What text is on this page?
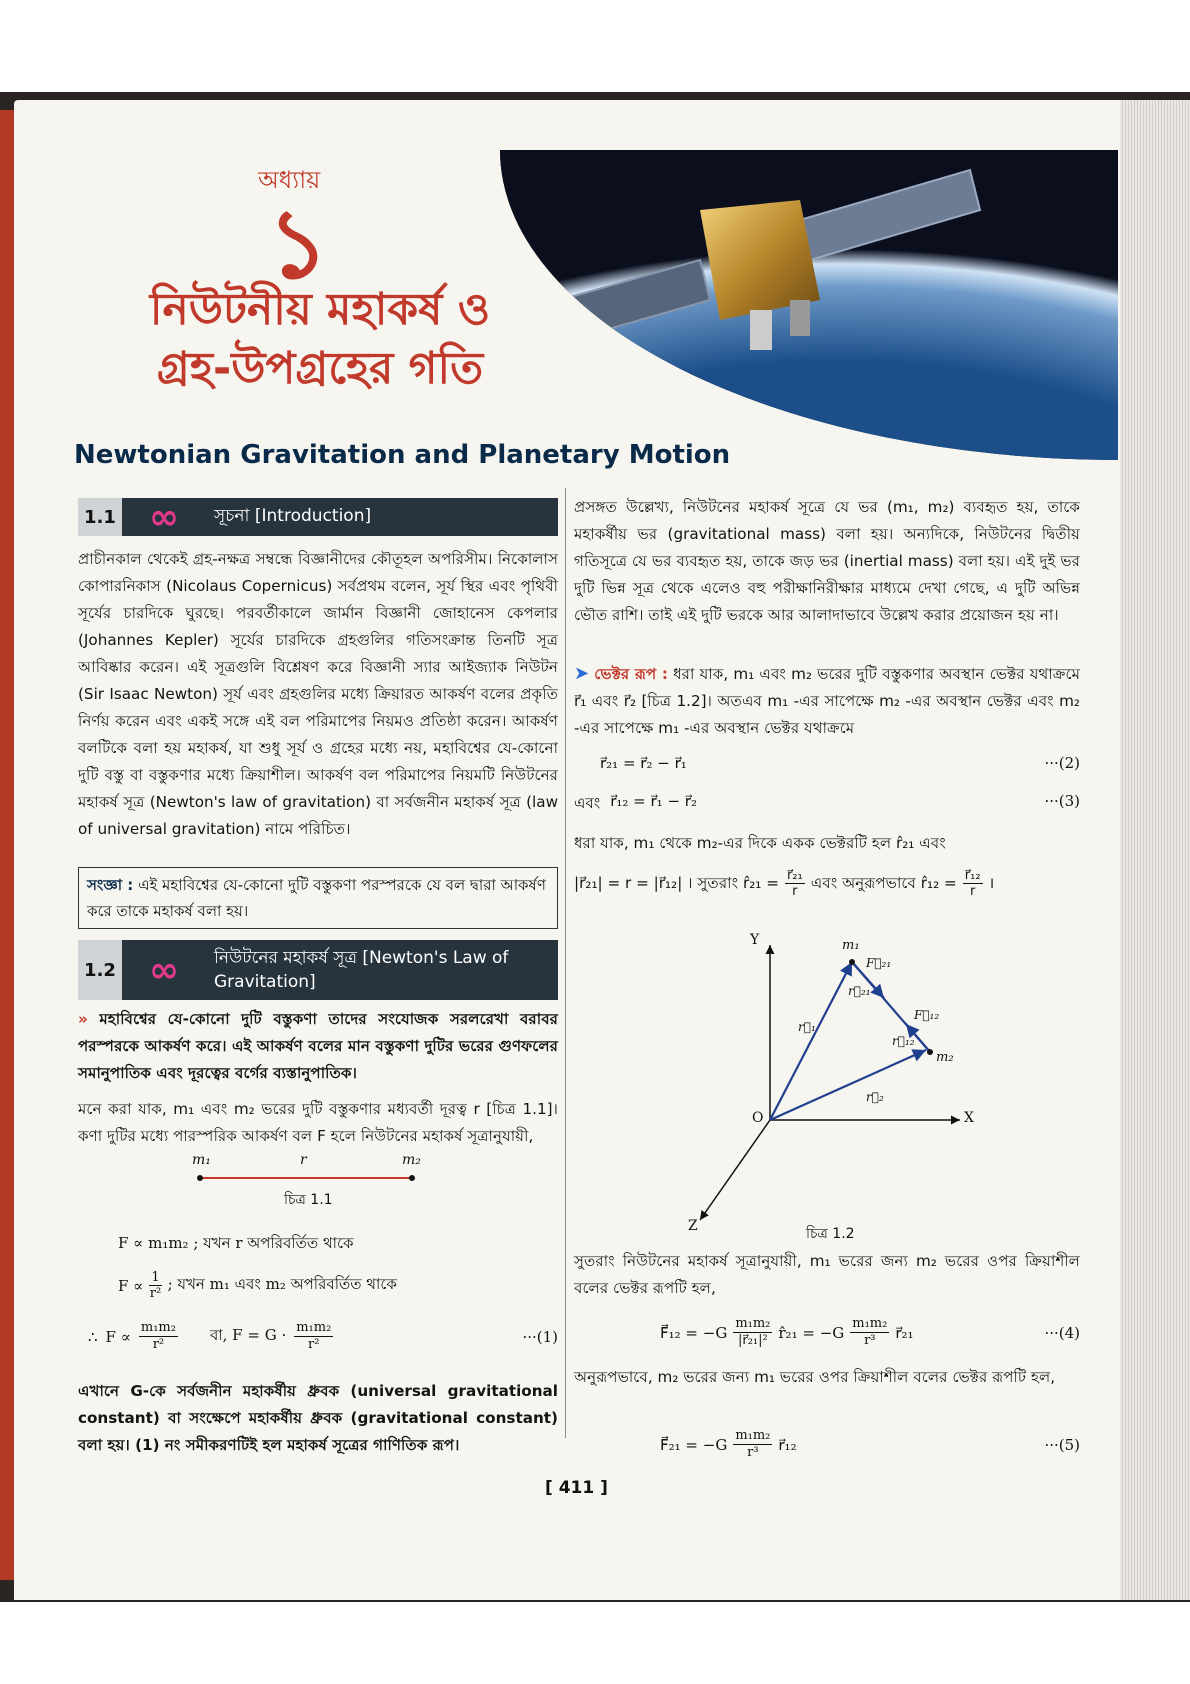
অধ্যায়
১
নিউটনীয় মহাকর্ষ ও
গ্রহ-উপগ্রহের গতি
Newtonian Gravitation and Planetary Motion
1.1 ∞	সূচনা [Introduction]
প্রাচীনকাল থেকেই গ্রহ-নক্ষত্র সম্বন্ধে বিজ্ঞানীদের কৌতূহল অপরিসীম। নিকোলাস কোপারনিকাস (Nicolaus Copernicus) সর্বপ্রথম বলেন, সূর্য স্থির এবং পৃথিবী সূর্যের চারদিকে ঘুরছে। পরবর্তীকালে জার্মান বিজ্ঞানী জোহানেস কেপলার (Johannes Kepler) সূর্যের চারদিকে গ্রহগুলির গতিসংক্রান্ত তিনটি সূত্র আবিষ্কার করেন। এই সূত্রগুলি বিশ্লেষণ করে বিজ্ঞানী স্যার আইজ্যাক নিউটন (Sir Isaac Newton) সূর্য এবং গ্রহগুলির মধ্যে ক্রিয়ারত আকর্ষণ বলের প্রকৃতি নির্ণয় করেন এবং একই সঙ্গে এই বল পরিমাপের নিয়মও প্রতিষ্ঠা করেন। আকর্ষণ বলটিকে বলা হয় মহাকর্ষ, যা শুধু সূর্য ও গ্রহের মধ্যে নয়, মহাবিশ্বের যে-কোনো দুটি বস্তু বা বস্তুকণার মধ্যে ক্রিয়াশীল। আকর্ষণ বল পরিমাপের নিয়মটি নিউটনের মহাকর্ষ সূত্র (Newton's law of gravitation) বা সর্বজনীন মহাকর্ষ সূত্র (law of universal gravitation) নামে পরিচিত।
সংজ্ঞা : এই মহাবিশ্বের যে-কোনো দুটি বস্তুকণা পরস্পরকে যে বল দ্বারা আকর্ষণ করে তাকে মহাকর্ষ বলা হয়।
1.2 ∞	নিউটনের মহাকর্ষ সূত্র [Newton's Law of
Gravitation]
» মহাবিশ্বের যে-কোনো দুটি বস্তুকণা তাদের সংযোজক সরলরেখা বরাবর পরস্পরকে আকর্ষণ করে। এই আকর্ষণ বলের মান বস্তুকণা দুটির ভরের গুণফলের সমানুপাতিক এবং দূরত্বের বর্গের ব্যস্তানুপাতিক।
মনে করা যাক, m₁ এবং m₂ ভরের দুটি বস্তুকণার মধ্যবর্তী দূরত্ব r [চিত্র 1.1]। কণা দুটির মধ্যে পারস্পরিক আকর্ষণ বল F হলে নিউটনের মহাকর্ষ সূত্রানুযায়ী,
m₁	r	m₂
চিত্র 1.1
F ∝ m₁m₂ ; যখন r অপরিবর্তিত থাকে
$F \propto \frac{1}{\text{r²}}$ ; যখন m₁ এবং m₂ অপরিবর্তিত থাকে
∴ $F \propto \frac{\text{m₁m₂}}{\text{r²}}$ বা, F = G · m₁m₂
r²	···(1)
এখানে G-কে সর্বজনীন মহাকর্ষীয় ধ্রুবক (universal gravitational constant) বা সংক্ষেপে মহাকর্ষীয় ধ্রুবক (gravitational constant) বলা হয়। (1) নং সমীকরণটিই হল মহাকর্ষ সূত্রের গাণিতিক রূপ।
প্রসঙ্গত উল্লেখ্য, নিউটনের মহাকর্ষ সূত্রে যে ভর (m₁, m₂) ব্যবহৃত হয়, তাকে মহাকর্ষীয় ভর (gravitational mass) বলা হয়। অন্যদিকে, নিউটনের দ্বিতীয় গতিসূত্রে যে ভর ব্যবহৃত হয়, তাকে জড় ভর (inertial mass) বলা হয়। এই দুই ভর দুটি ভিন্ন সূত্র থেকে এলেও বহু পরীক্ষানিরীক্ষার মাধ্যমে দেখা গেছে, এ দুটি অভিন্ন ভৌত রাশি। তাই এই দুটি ভরকে আর আলাদাভাবে উল্লেখ করার প্রয়োজন হয় না।
➤ ভেক্টর রূপ : ধরা যাক, m₁ এবং m₂ ভরের দুটি বস্তুকণার অবস্থান ভেক্টর যথাক্রমে r⃗₁ এবং r⃗₂ [চিত্র 1.2]। অতএব m₁ -এর সাপেক্ষে m₂ -এর অবস্থান ভেক্টর এবং m₂ -এর সাপেক্ষে m₁ -এর অবস্থান ভেক্টর যথাক্রমে
r⃗₂₁ = r⃗₂ − r⃗₁	···(2)
এবং r⃗₁₂ = r⃗₁ − r⃗₂	···(3)
ধরা যাক, m₁ থেকে m₂-এর দিকে একক ভেক্টরটি হল r̂₂₁ এবং
|r⃗₂₁| = r = |r⃗₁₂| । সুতরাং r̂₂₁ = $\frac{\text{r⃗₂₁}}{r}$ এবং অনুরূপভাবে r̂₁₂ = $\frac{\text{r⃗₁₂}}{r}$ ।
Y
X
Z
O
m₁
m₂
F⃗₂₁
F⃗₁₂
r⃗₂₁
r⃗₁₂
r⃗₁
r⃗₂
চিত্র 1.2
সুতরাং নিউটনের মহাকর্ষ সূত্রানুযায়ী, m₁ ভরের জন্য m₂ ভরের ওপর ক্রিয়াশীল বলের ভেক্টর রূপটি হল,
F⃗₁₂ = $-G \frac{\text{m₁m₂}}{\text{|r⃗₂₁|²}}$ r̂₂₁ = −G m₁m₂
r³ r⃗₂₁	···(4)
অনুরূপভাবে, m₂ ভরের জন্য m₁ ভরের ওপর ক্রিয়াশীল বলের ভেক্টর রূপটি হল,
F⃗₂₁ = $-G \frac{\text{m₁m₂}}{\text{r³}}$ r⃗₁₂	···(5)
[ 411 ]
